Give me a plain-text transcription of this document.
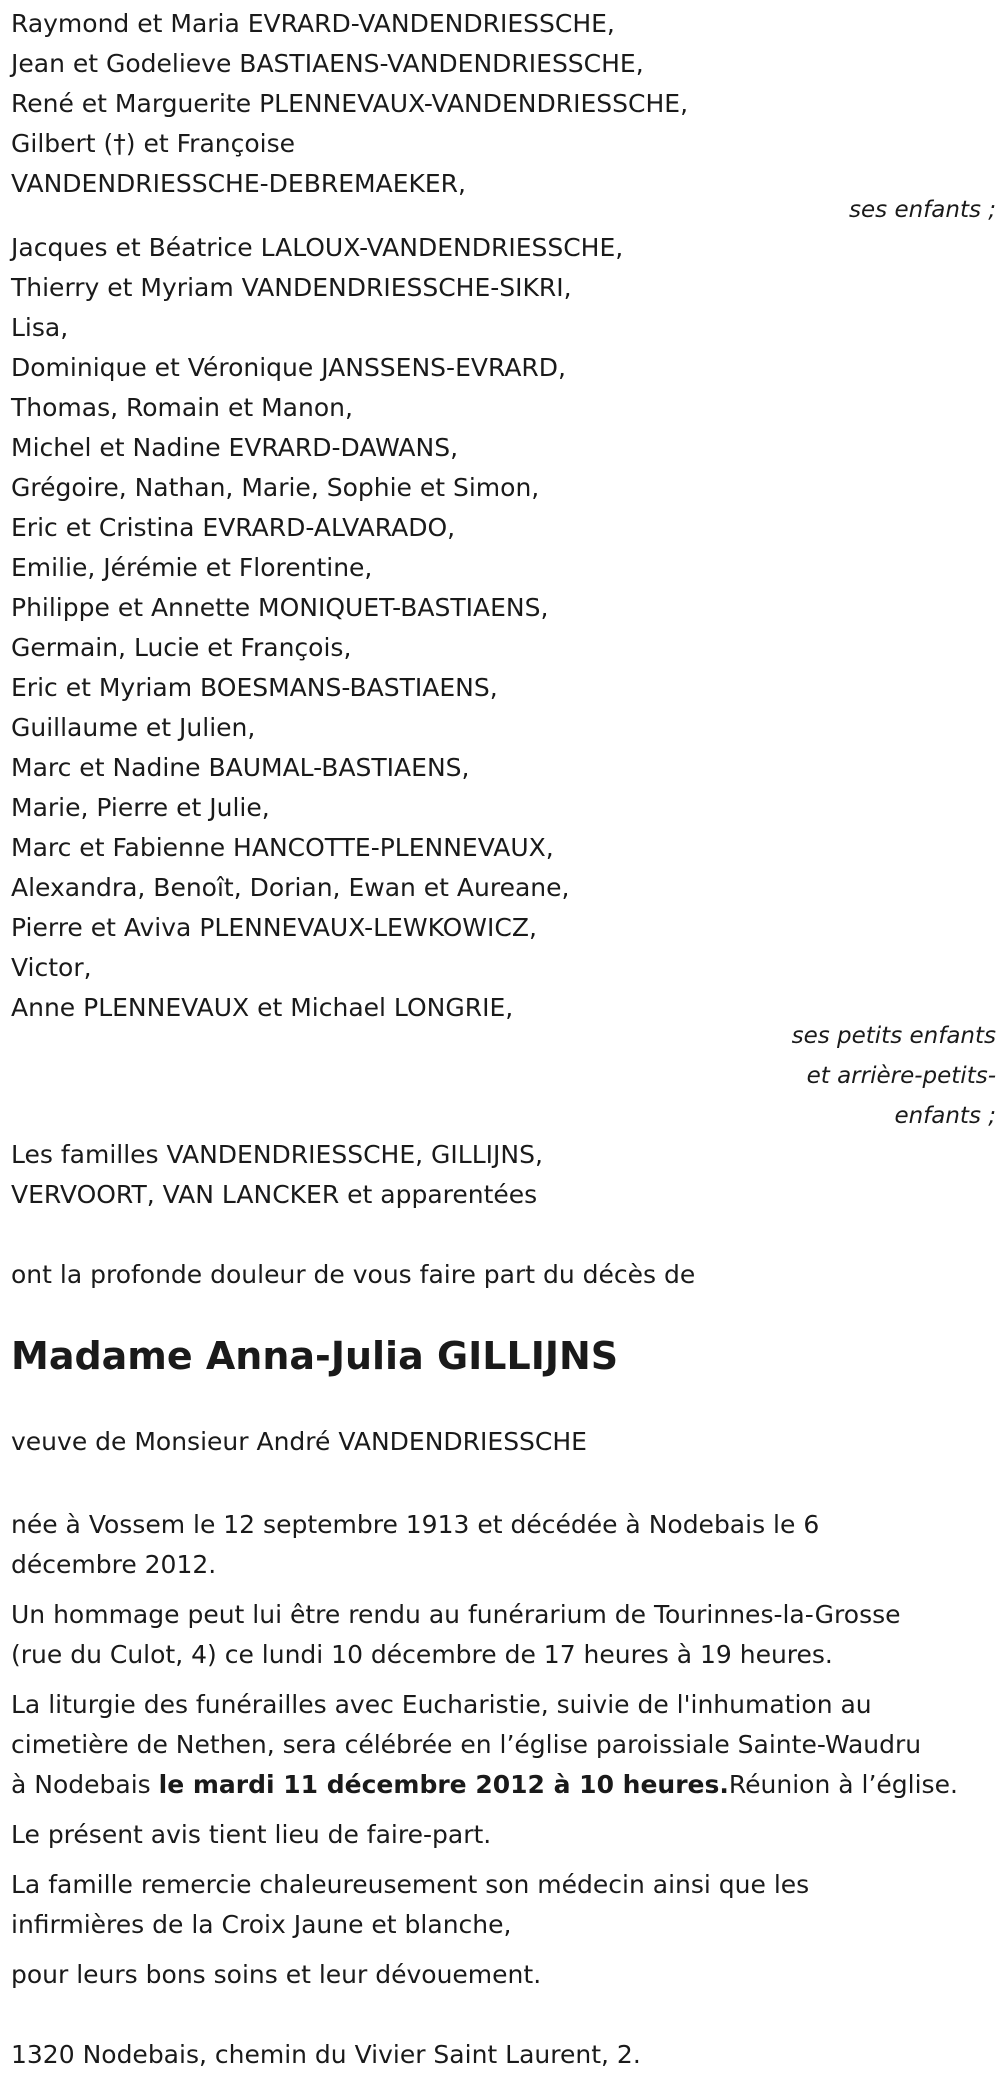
Raymond et Maria EVRARD-VANDENDRIESSCHE,
Jean et Godelieve BASTIAENS-VANDENDRIESSCHE,
René et Marguerite PLENNEVAUX-VANDENDRIESSCHE,
Gilbert (†) et Françoise
VANDENDRIESSCHE-DEBREMAEKER,
ses enfants ;
Jacques et Béatrice LALOUX-VANDENDRIESSCHE,
Thierry et Myriam VANDENDRIESSCHE-SIKRI,
Lisa,
Dominique et Véronique JANSSENS-EVRARD,
Thomas, Romain et Manon,
Michel et Nadine EVRARD-DAWANS,
Grégoire, Nathan, Marie, Sophie et Simon,
Eric et Cristina EVRARD-ALVARADO,
Emilie, Jérémie et Florentine,
Philippe et Annette MONIQUET-BASTIAENS,
Germain, Lucie et François,
Eric et Myriam BOESMANS-BASTIAENS,
Guillaume et Julien,
Marc et Nadine BAUMAL-BASTIAENS,
Marie, Pierre et Julie,
Marc et Fabienne HANCOTTE-PLENNEVAUX,
Alexandra, Benoît, Dorian, Ewan et Aureane,
Pierre et Aviva PLENNEVAUX-LEWKOWICZ,
Victor,
Anne PLENNEVAUX et Michael LONGRIE,
ses petits enfants
et arrière-petits-
enfants ;
Les familles VANDENDRIESSCHE, GILLIJNS,
VERVOORT, VAN LANCKER et apparentées
ont la profonde douleur de vous faire part du décès de
Madame Anna-Julia GILLIJNS
veuve de Monsieur André VANDENDRIESSCHE
née à Vossem le 12 septembre 1913 et décédée à Nodebais le 6
décembre 2012.
Un hommage peut lui être rendu au funérarium de Tourinnes-la-Grosse
(rue du Culot, 4) ce lundi 10 décembre de 17 heures à 19 heures.
La liturgie des funérailles avec Eucharistie, suivie de l'inhumation au
cimetière de Nethen, sera célébrée en l’église paroissiale Sainte-Waudru
à Nodebais le mardi 11 décembre 2012 à 10 heures.Réunion à l’église.
Le présent avis tient lieu de faire-part.
La famille remercie chaleureusement son médecin ainsi que les
infirmières de la Croix Jaune et blanche,
pour leurs bons soins et leur dévouement.
1320 Nodebais, chemin du Vivier Saint Laurent, 2.
